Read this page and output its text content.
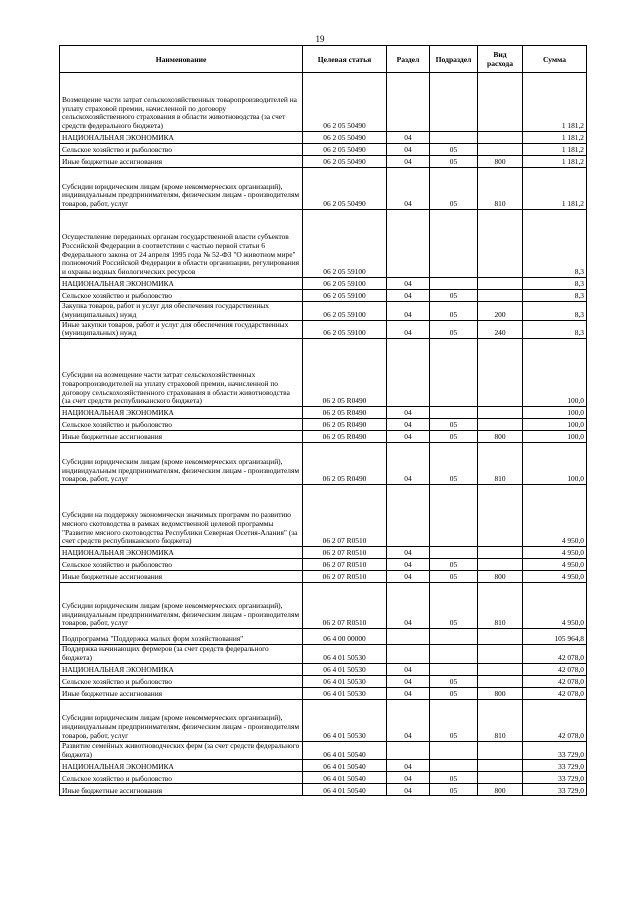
19
Наименование	Целевая статья	Раздел	Подраздел	Вид расхода	Сумма
Возмещение части затрат сельскохозяйственных товаропроизводителей на уплату страховой премии, начисленной по договору сельскохозяйственного страхования в области животноводства (за счет средств федерального бюджета)	06 2 05 50490				1 181,2
НАЦИОНАЛЬНАЯ ЭКОНОМИКА	06 2 05 50490	04			1 181,2
Сельское хозяйство и рыболовство	06 2 05 50490	04	05		1 181,2
Иные бюджетные ассигнования	06 2 05 50490	04	05	800	1 181,2
Субсидии юридическим лицам (кроме некоммерческих организаций), индивидуальным предпринимателям, физическим лицам - производителям товаров, работ, услуг	06 2 05 50490	04	05	810	1 181,2
Осуществление переданных органам государственной власти субъектов Российской Федерации в соответствии с частью первой статьи 6 Федерального закона от 24 апреля 1995 года № 52-ФЗ "О животном мире" полномочий Российской Федерации в области организации, регулирования и охраны водных биологических ресурсов	06 2 05 59100				8,3
НАЦИОНАЛЬНАЯ ЭКОНОМИКА	06 2 05 59100	04			8,3
Сельское хозяйство и рыболовство	06 2 05 59100	04	05		8,3
Закупка товаров, работ и услуг для обеспечения государственных (муниципальных) нужд	06 2 05 59100	04	05	200	8,3
Иные закупки товаров, работ и услуг для обеспечения государственных (муниципальных) нужд	06 2 05 59100	04	05	240	8,3
Субсидии на возмещение части затрат сельскохозяйственных товаропроизводителей на уплату страховой премии, начисленной по договору сельскохозяйственного страхования в области животноводства (за счет средств республиканского бюджета)	06 2 05 R0490				100,0
НАЦИОНАЛЬНАЯ ЭКОНОМИКА	06 2 05 R0490	04			100,0
Сельское хозяйство и рыболовство	06 2 05 R0490	04	05		100,0
Иные бюджетные ассигнования	06 2 05 R0490	04	05	800	100,0
Субсидии юридическим лицам (кроме некоммерческих организаций), индивидуальным предпринимателям, физическим лицам - производителям товаров, работ, услуг	06 2 05 R0490	04	05	810	100,0
Субсидии на поддержку экономически значимых программ по развитию мясного скотоводства в рамках ведомственной целевой программы "Развитие мясного скотоводства Республики Северная Осетия-Алания" (за счет средств республиканского бюджета)	06 2 07 R0510				4 950,0
НАЦИОНАЛЬНАЯ ЭКОНОМИКА	06 2 07 R0510	04			4 950,0
Сельское хозяйство и рыболовство	06 2 07 R0510	04	05		4 950,0
Иные бюджетные ассигнования	06 2 07 R0510	04	05	800	4 950,0
Субсидии юридическим лицам (кроме некоммерческих организаций), индивидуальным предпринимателям, физическим лицам - производителям товаров, работ, услуг	06 2 07 R0510	04	05	810	4 950,0
Подпрограмма "Поддержка малых форм хозяйствования"	06 4 00 00000				105 964,8
Поддержка начинающих фермеров (за счет средств федерального бюджета)	06 4 01 50530				42 078,0
НАЦИОНАЛЬНАЯ ЭКОНОМИКА	06 4 01 50530	04			42 078,0
Сельское хозяйство и рыболовство	06 4 01 50530	04	05		42 078,0
Иные бюджетные ассигнования	06 4 01 50530	04	05	800	42 078,0
Субсидии юридическим лицам (кроме некоммерческих организаций), индивидуальным предпринимателям, физическим лицам - производителям товаров, работ, услуг	06 4 01 50530	04	05	810	42 078,0
Развитие семейных животноводческих ферм (за счет средств федерального бюджета)	06 4 01 50540				33 729,0
НАЦИОНАЛЬНАЯ ЭКОНОМИКА	06 4 01 50540	04			33 729,0
Сельское хозяйство и рыболовство	06 4 01 50540	04	05		33 729,0
Иные бюджетные ассигнования	06 4 01 50540	04	05	800	33 729,0
